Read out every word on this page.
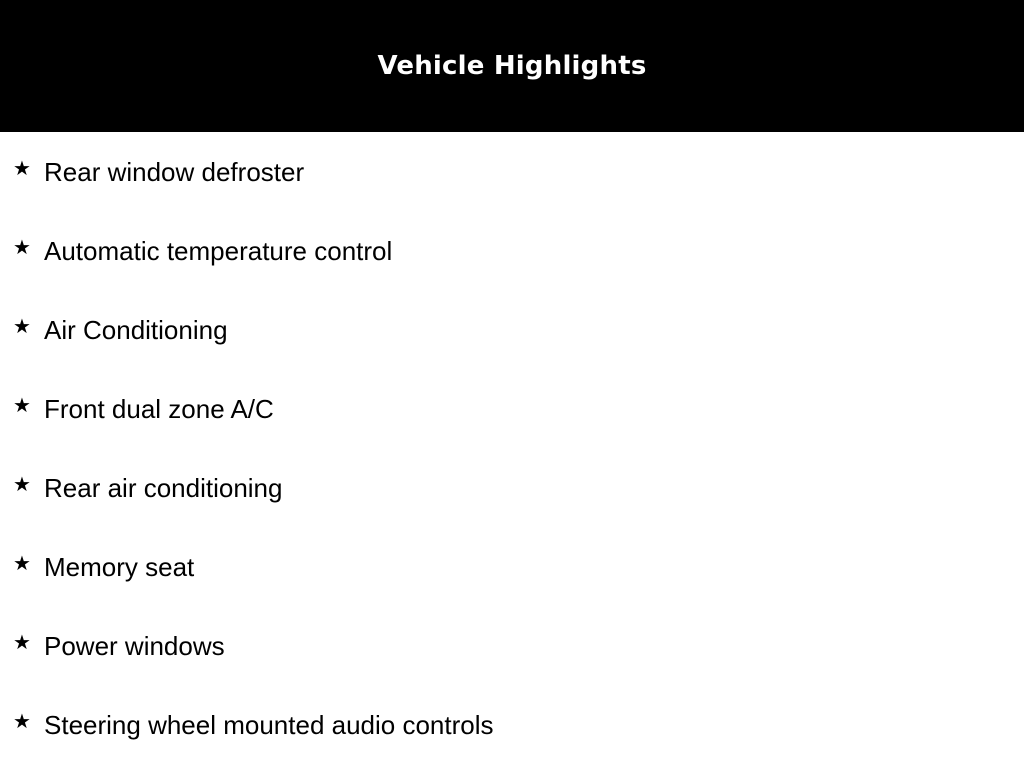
Vehicle Highlights
★ Rear window defroster
★ Automatic temperature control
★ Air Conditioning
★ Front dual zone A/C
★ Rear air conditioning
★ Memory seat
★ Power windows
★ Steering wheel mounted audio controls
